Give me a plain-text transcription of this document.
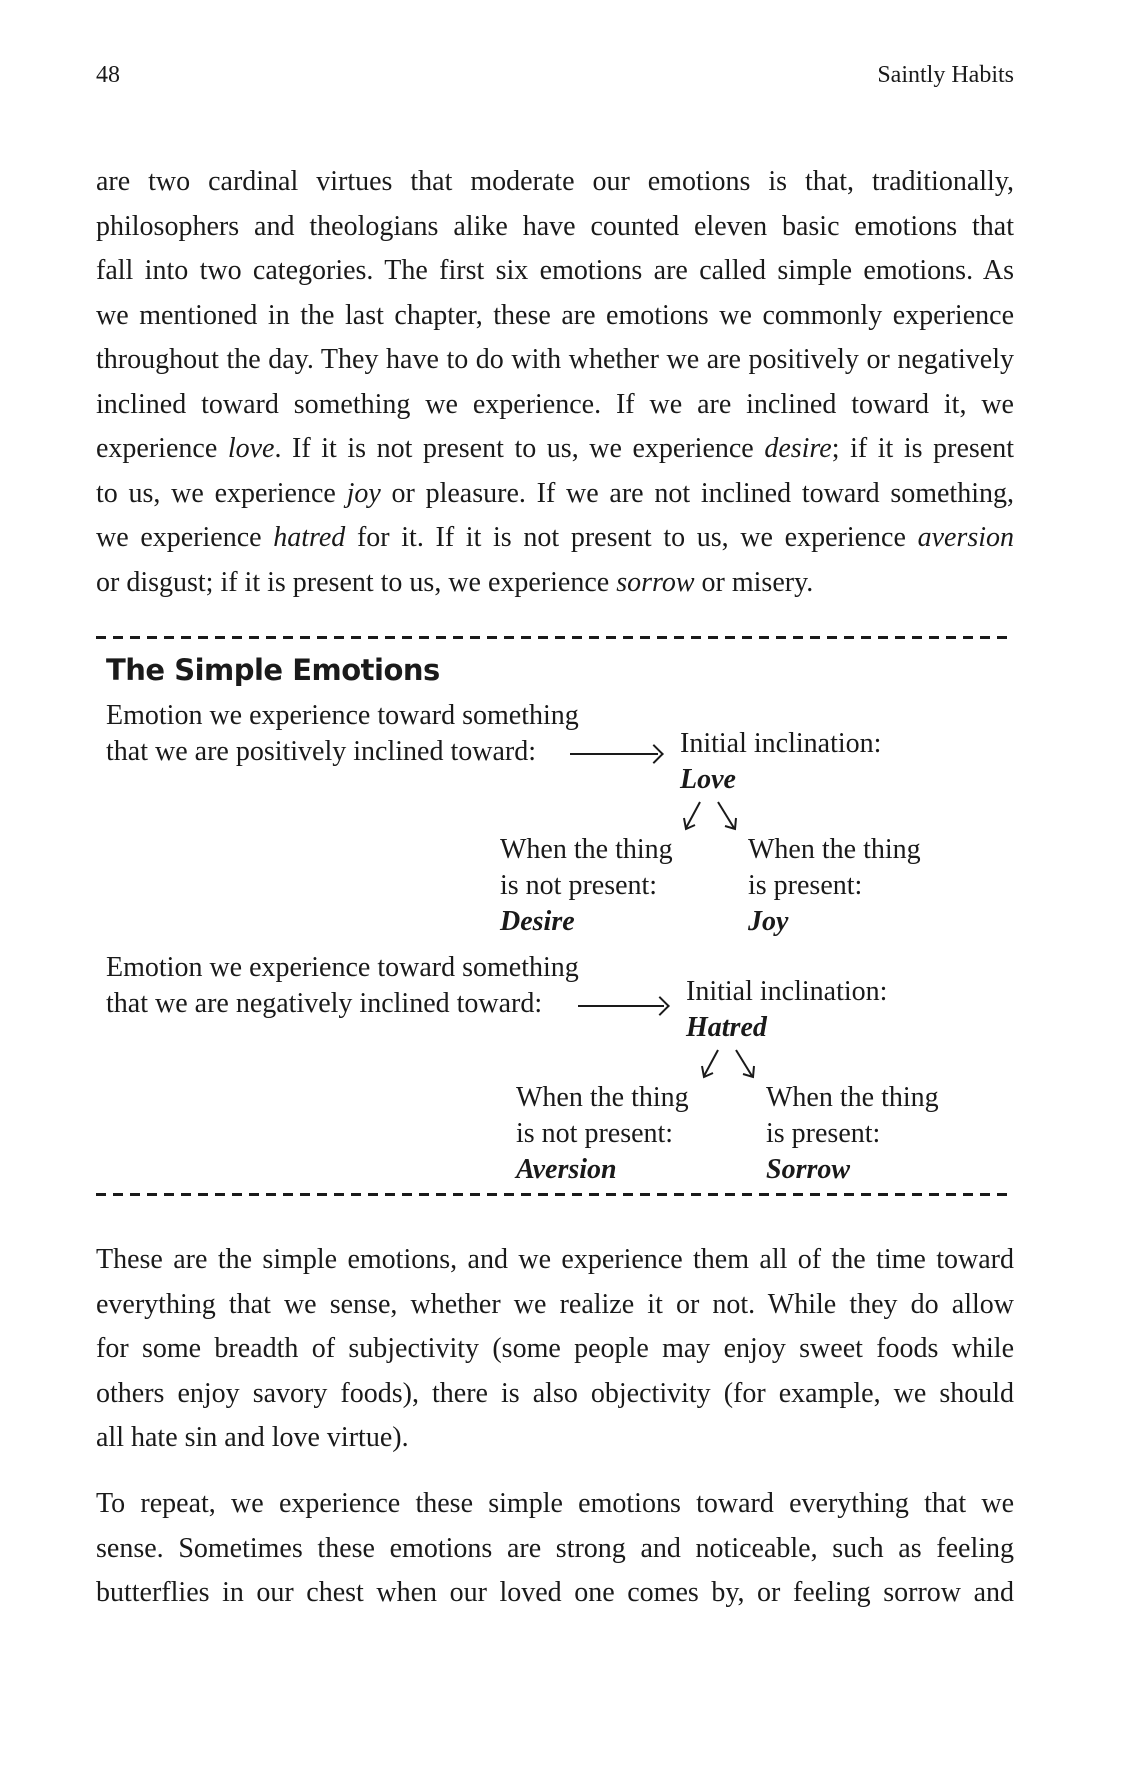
48	Saintly Habits

are two cardinal virtues that moderate our emotions is that, traditionally,

philosophers and theologians alike have counted eleven basic emotions that

fall into two categories. The first six emotions are called simple emotions. As

we mentioned in the last chapter, these are emotions we commonly experience

throughout the day. They have to do with whether we are positively or negatively

inclined toward something we experience. If we are inclined toward it, we

experience love. If it is not present to us, we experience desire; if it is present

to us, we experience joy or pleasure. If we are not inclined toward something,

we experience hatred for it. If it is not present to us, we experience aversion

or disgust; if it is present to us, we experience sorrow or misery.

The Simple Emotions
Emotion we experience toward something
that we are positively inclined toward:	Initial inclination:
Love
When the thing
is not present:
Desire
When the thing
is present:
Joy
Emotion we experience toward something
that we are negatively inclined toward:	Initial inclination:
Hatred
When the thing
is not present:
Aversion
When the thing
is present:
Sorrow

These are the simple emotions, and we experience them all of the time toward

everything that we sense, whether we realize it or not. While they do allow

for some breadth of subjectivity (some people may enjoy sweet foods while

others enjoy savory foods), there is also objectivity (for example, we should

all hate sin and love virtue).

To repeat, we experience these simple emotions toward everything that we

sense. Sometimes these emotions are strong and noticeable, such as feeling

butterflies in our chest when our loved one comes by, or feeling sorrow and
